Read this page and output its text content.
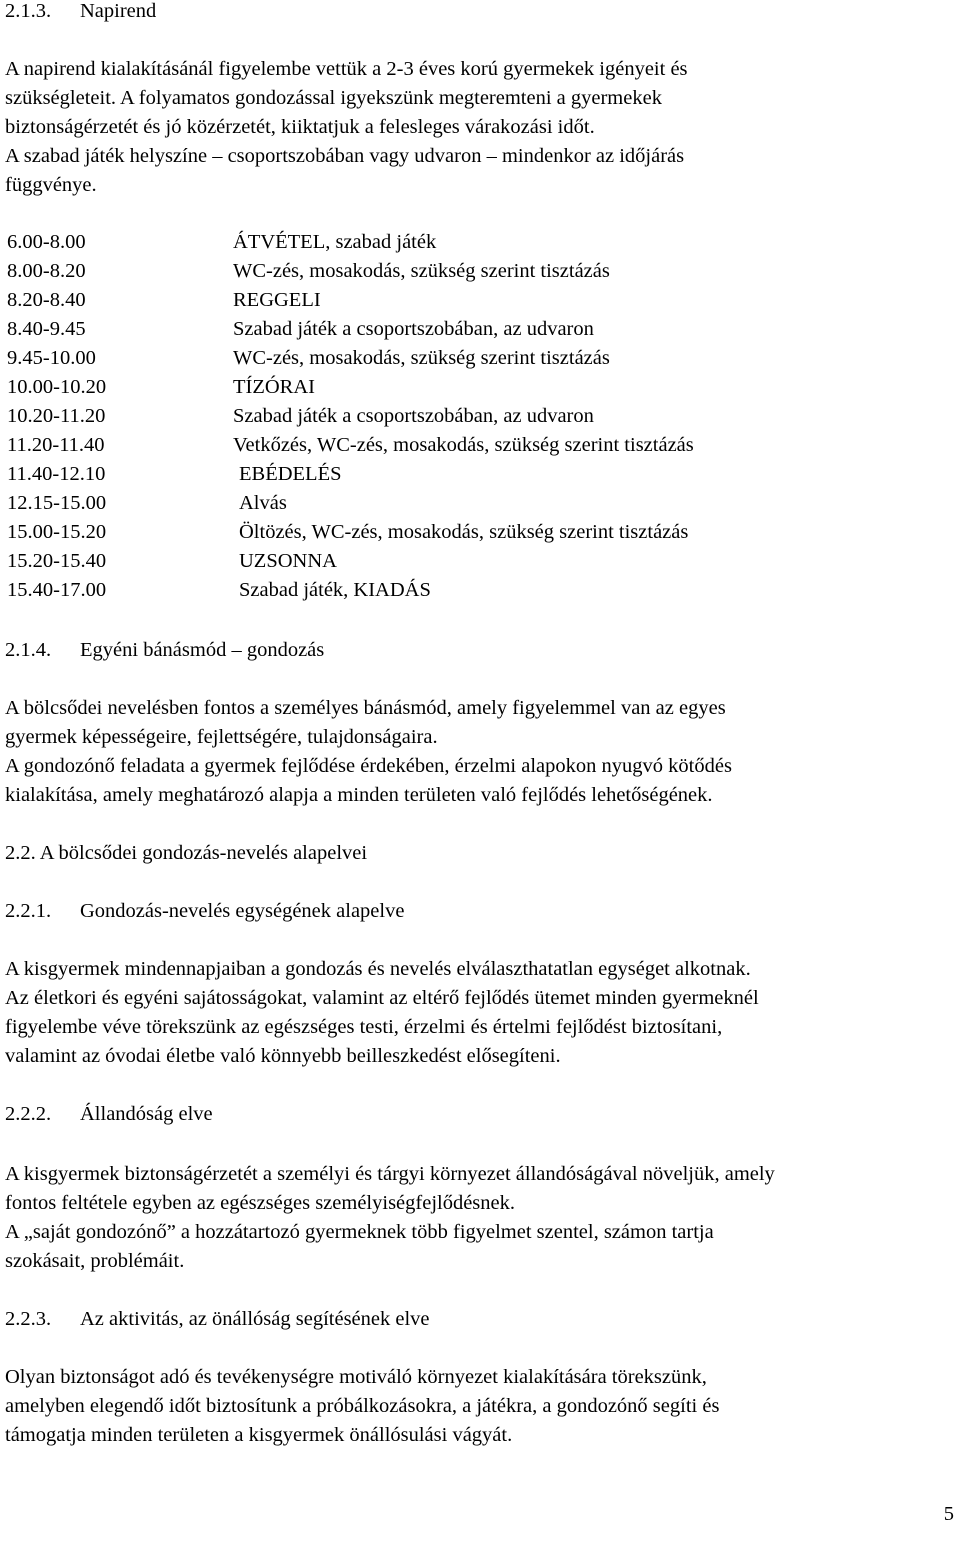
2.1.3. Napirend
A napirend kialakításánál figyelembe vettük a 2-3 éves korú gyermekek igényeit és
szükségleteit. A folyamatos gondozással igyekszünk megteremteni a gyermekek
biztonságérzetét és jó közérzetét, kiiktatjuk a felesleges várakozási időt.
A szabad játék helyszíne – csoportszobában vagy udvaron – mindenkor az időjárás
függvénye.
6.00-8.00	ÁTVÉTEL, szabad játék
8.00-8.20	WC-zés, mosakodás, szükség szerint tisztázás
8.20-8.40	REGGELI
8.40-9.45	Szabad játék a csoportszobában, az udvaron
9.45-10.00	WC-zés, mosakodás, szükség szerint tisztázás
10.00-10.20	TÍZÓRAI
10.20-11.20	Szabad játék a csoportszobában, az udvaron
11.20-11.40	Vetkőzés, WC-zés, mosakodás, szükség szerint tisztázás
11.40-12.10	EBÉDELÉS
12.15-15.00	Alvás
15.00-15.20	Öltözés, WC-zés, mosakodás, szükség szerint tisztázás
15.20-15.40	UZSONNA
15.40-17.00	Szabad játék, KIADÁS
2.1.4. Egyéni bánásmód – gondozás
A bölcsődei nevelésben fontos a személyes bánásmód, amely figyelemmel van az egyes
gyermek képességeire, fejlettségére, tulajdonságaira.
A gondozónő feladata a gyermek fejlődése érdekében, érzelmi alapokon nyugvó kötődés
kialakítása, amely meghatározó alapja a minden területen való fejlődés lehetőségének.
2.2. A bölcsődei gondozás-nevelés alapelvei
2.2.1. Gondozás-nevelés egységének alapelve
A kisgyermek mindennapjaiban a gondozás és nevelés elválaszthatatlan egységet alkotnak.
Az életkori és egyéni sajátosságokat, valamint az eltérő fejlődés ütemet minden gyermeknél
figyelembe véve törekszünk az egészséges testi, érzelmi és értelmi fejlődést biztosítani,
valamint az óvodai életbe való könnyebb beilleszkedést elősegíteni.
2.2.2. Állandóság elve
A kisgyermek biztonságérzetét a személyi és tárgyi környezet állandóságával növeljük, amely
fontos feltétele egyben az egészséges személyiségfejlődésnek.
A „saját gondozónő” a hozzátartozó gyermeknek több figyelmet szentel, számon tartja
szokásait, problémáit.
2.2.3. Az aktivitás, az önállóság segítésének elve
Olyan biztonságot adó és tevékenységre motiváló környezet kialakítására törekszünk,
amelyben elegendő időt biztosítunk a próbálkozásokra, a játékra, a gondozónő segíti és
támogatja minden területen a kisgyermek önállósulási vágyát.
5
